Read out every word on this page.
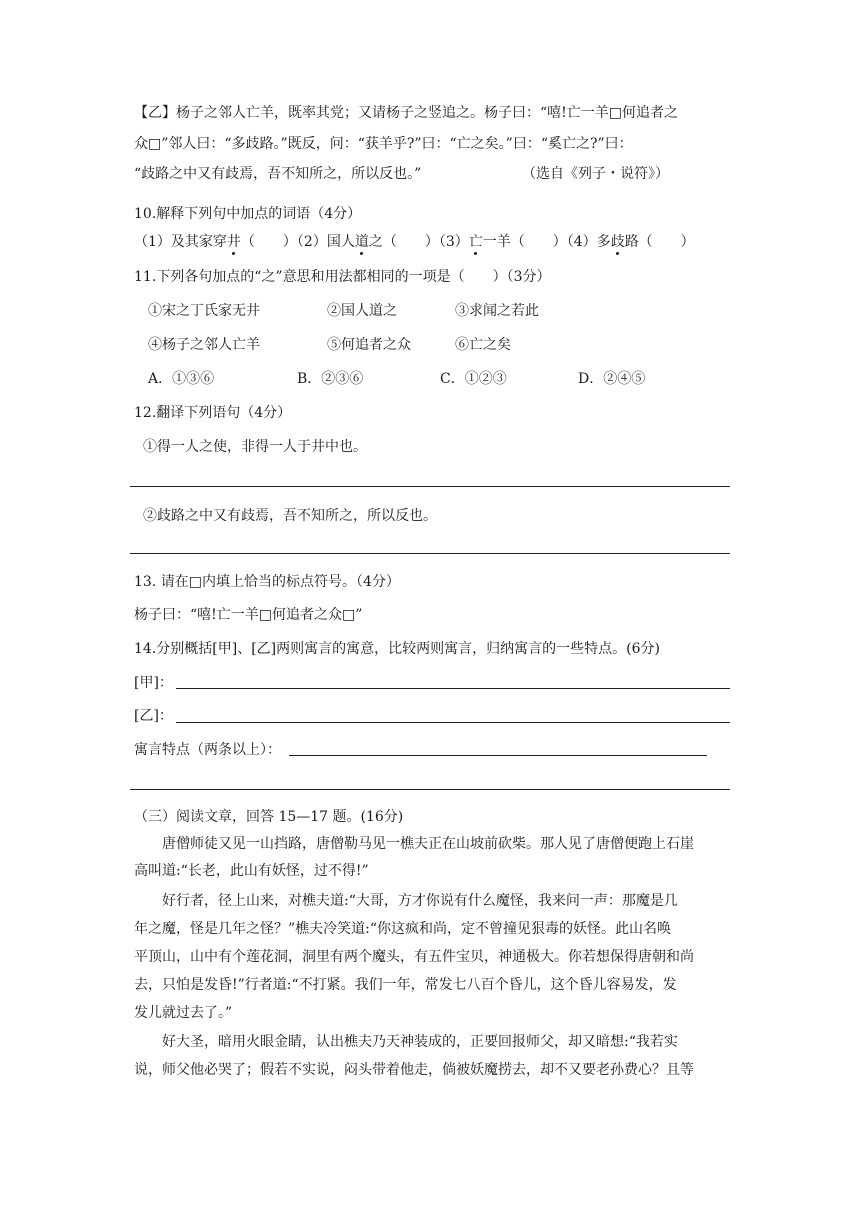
【乙】杨子之邻人亡羊，既率其党；又请杨子之竖追之。杨子曰：“嘻!亡一羊□何追者之
众□”邻人曰：“多歧路。”既反，问：“获羊乎?”曰：“亡之矣。”曰：“奚亡之?”曰：
“歧路之中又有歧焉，吾不知所之，所以反也。”	（选自《列子・说符》）
10.解释下列句中加点的词语（4分）
（1）及其家穿井（　　）（2）国人道之（　　）（3）亡一羊（　　）（4）多歧路（　　）
11.下列各句加点的“之”意思和用法都相同的一项是（　　）（3分）
①宋之丁氏家无井	②国人道之	③求闻之若此
④杨子之邻人亡羊	⑤何追者之众	⑥亡之矣
A．①③⑥	B．②③⑥	C．①②③	D．②④⑤
12.翻译下列语句（4分）
①得一人之使，非得一人于井中也。
②歧路之中又有歧焉，吾不知所之，所以反也。
13. 请在□内填上恰当的标点符号。（4分）
杨子曰：“嘻!亡一羊□何追者之众□”
14.分别概括[甲]、[乙]两则寓言的寓意，比较两则寓言，归纳寓言的一些特点。(6分)
[甲]：
[乙]：
寓言特点（两条以上）：
（三）阅读文章，回答 15—17 题。(16分)
唐僧师徒又见一山挡路，唐僧勒马见一樵夫正在山坡前砍柴。那人见了唐僧便跑上石崖
高叫道:“长老，此山有妖怪，过不得!”
好行者，径上山来，对樵夫道:“大哥，方才你说有什么魔怪，我来问一声：那魔是几
年之魔，怪是几年之怪？”樵夫冷笑道:“你这疯和尚，定不曾撞见狠毒的妖怪。此山名唤
平顶山，山中有个莲花洞，洞里有两个魔头，有五件宝贝，神通极大。你若想保得唐朝和尚
去，只怕是发昏!”行者道:“不打紧。我们一年，常发七八百个昏儿，这个昏儿容易发，发
发儿就过去了。”
好大圣，暗用火眼金睛，认出樵夫乃天神装成的，正要回报师父，却又暗想:“我若实
说，师父他必哭了；假若不实说，闷头带着他走，倘被妖魔捞去，却不又要老孙费心？且等
